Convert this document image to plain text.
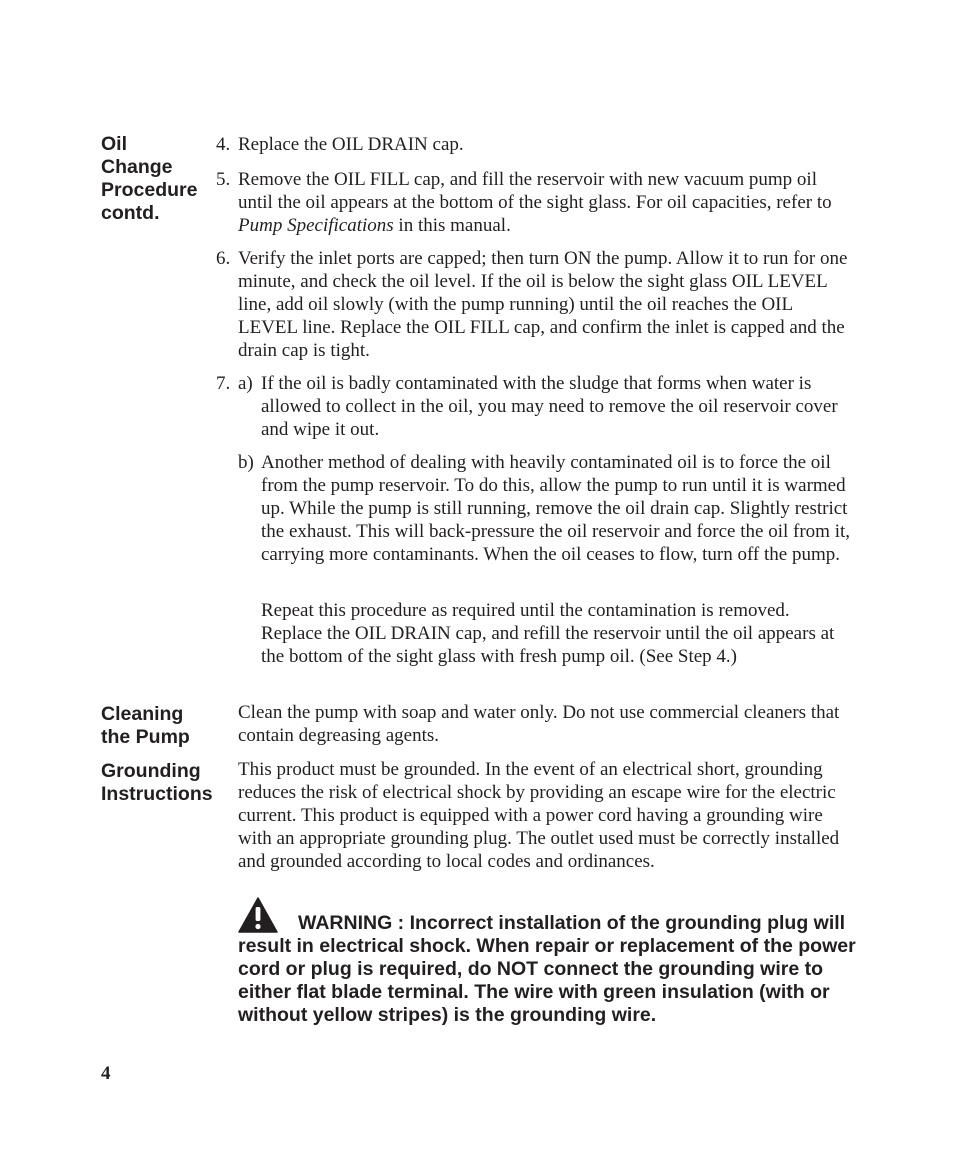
Oil
Change
Procedure
contd.
4. Replace the OIL DRAIN cap.
5. Remove the OIL FILL cap, and fill the reservoir with new vacuum pump oil until the oil appears at the bottom of the sight glass. For oil capacities, refer to Pump Specifications in this manual.
6. Verify the inlet ports are capped; then turn ON the pump. Allow it to run for one minute, and check the oil level. If the oil is below the sight glass OIL LEVEL line, add oil slowly (with the pump running) until the oil reaches the OIL LEVEL line. Replace the OIL FILL cap, and confirm the inlet is capped and the drain cap is tight.
7. a) If the oil is badly contaminated with the sludge that forms when water is allowed to collect in the oil, you may need to remove the oil reservoir cover and wipe it out.
b) Another method of dealing with heavily contaminated oil is to force the oil from the pump reservoir. To do this, allow the pump to run until it is warmed up. While the pump is still running, remove the oil drain cap. Slightly restrict the exhaust. This will back-pressure the oil reservoir and force the oil from it, carrying more contaminants. When the oil ceases to flow, turn off the pump.

Repeat this procedure as required until the contamination is removed. Replace the OIL DRAIN cap, and refill the reservoir until the oil appears at the bottom of the sight glass with fresh pump oil. (See Step 4.)

Cleaning
the Pump

Clean the pump with soap and water only. Do not use commercial cleaners that contain degreasing agents.

Grounding
Instructions

This product must be grounded. In the event of an electrical short, grounding reduces the risk of electrical shock by providing an escape wire for the electric current. This product is equipped with a power cord having a grounding wire with an appropriate grounding plug. The outlet used must be correctly installed and grounded according to local codes and ordinances.

WARNING : Incorrect installation of the grounding plug will result in electrical shock. When repair or replacement of the power cord or plug is required, do NOT connect the grounding wire to either flat blade terminal. The wire with green insulation (with or without yellow stripes) is the grounding wire.

4
